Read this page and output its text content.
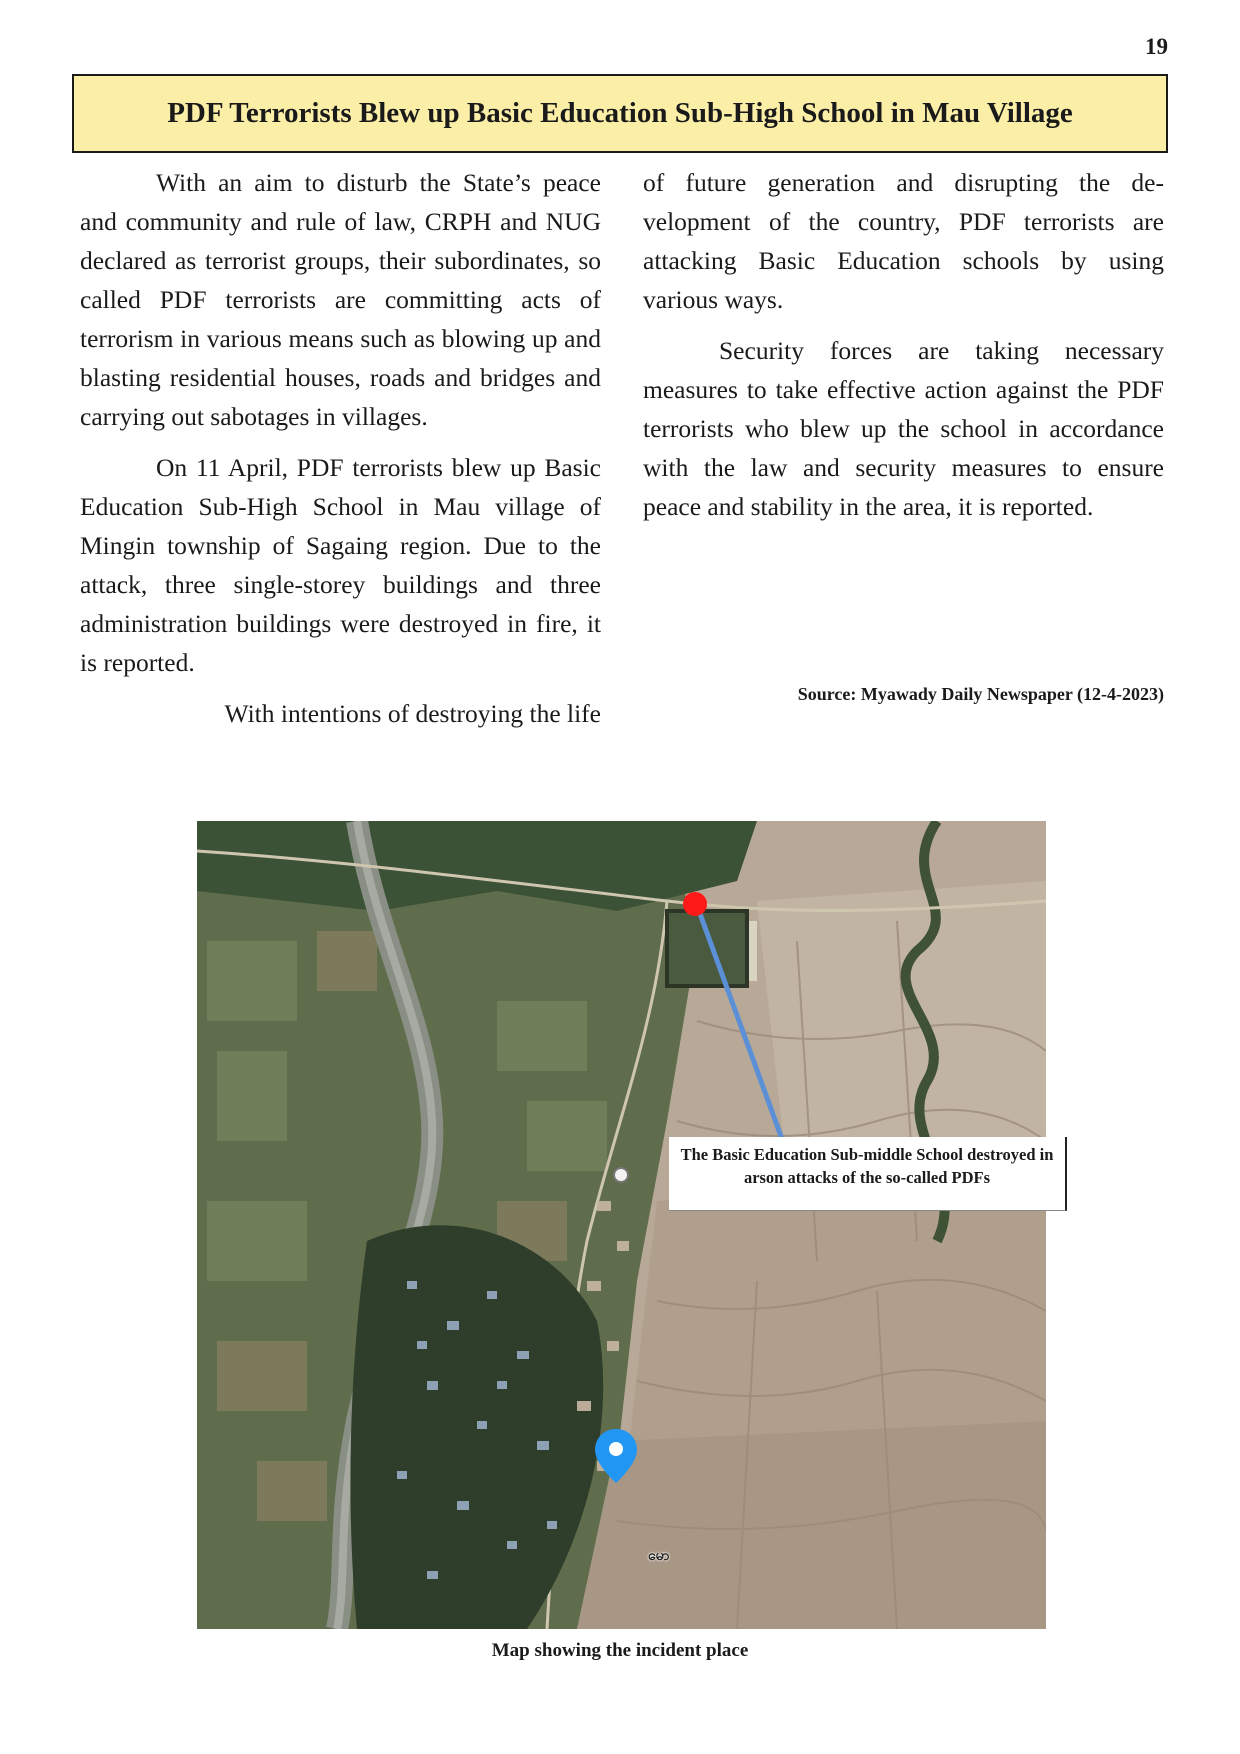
19
PDF Terrorists Blew up Basic Education Sub-High School in Mau Village

With an aim to disturb the State’s peace and community and rule of law, CRPH and NUG declared as terrorist groups, their subordinates, so called PDF terrorists are committing acts of terrorism in various means such as blowing up and blasting residential houses, roads and bridges and carrying out sabotages in villages.

On 11 April, PDF terrorists blew up Basic Education Sub-High School in Mau village of Mingin township of Sagaing region. Due to the attack, three single-storey buildings and three administration buildings were destroyed in fire, it is reported.

With intentions of destroying the life

of future generation and disrupting the development of the country, PDF terrorists are attacking Basic Education schools by using various ways.

Security forces are taking necessary measures to take effective action against the PDF terrorists who blew up the school in accordance with the law and security measures to ensure peace and stability in the area, it is reported.

Source: Myawady Daily Newspaper (12-4-2023)
မော
The Basic Education Sub-middle School destroyed in arson attacks of the so-called PDFs
Map showing the incident place
